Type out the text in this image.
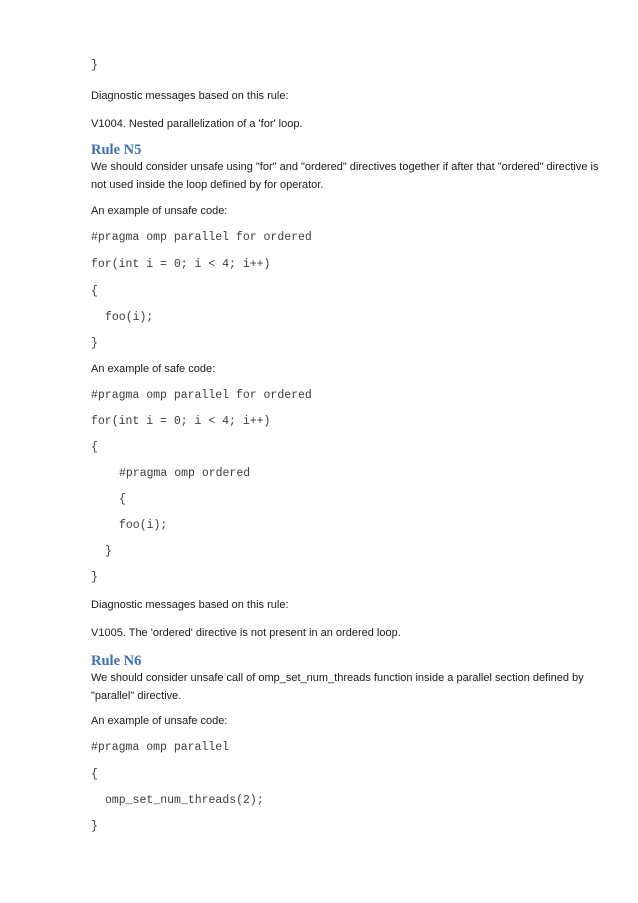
}

Diagnostic messages based on this rule:

V1004. Nested parallelization of a 'for' loop.

Rule N5

We should consider unsafe using "for" and "ordered" directives together if after that "ordered" directive is not used inside the loop defined by for operator.

An example of unsafe code:

#pragma omp parallel for ordered

for(int i = 0; i < 4; i++)

{

foo(i);

}

An example of safe code:

#pragma omp parallel for ordered

for(int i = 0; i < 4; i++)

{

#pragma omp ordered

{

foo(i);

}

}

Diagnostic messages based on this rule:

V1005. The 'ordered' directive is not present in an ordered loop.

Rule N6

We should consider unsafe call of omp_set_num_threads function inside a parallel section defined by "parallel" directive.

An example of unsafe code:

#pragma omp parallel

{

omp_set_num_threads(2);

}
